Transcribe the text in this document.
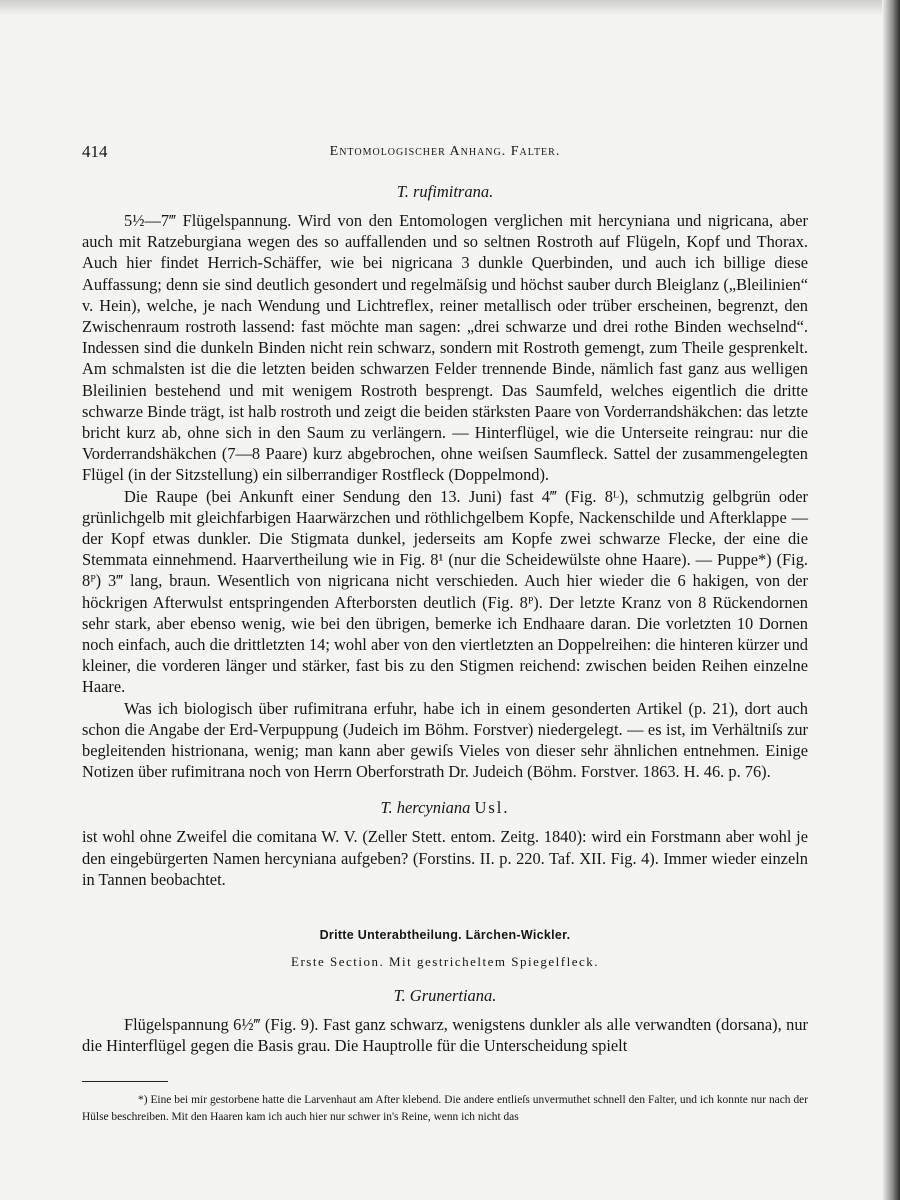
414	Entomologischer Anhang. Falter.
T. rufimitrana.

5½—7‴ Flügelspannung. Wird von den Entomologen verglichen mit hercyniana und nigricana, aber auch mit Ratzeburgiana wegen des so auffallenden und so seltnen Rostroth auf Flügeln, Kopf und Thorax. Auch hier findet Herrich-Schäffer, wie bei nigricana 3 dunkle Querbinden, und auch ich billige diese Auffassung; denn sie sind deutlich gesondert und regelmäſsig und höchst sauber durch Bleiglanz („Bleilinien“ v. Hein), welche, je nach Wendung und Lichtreflex, reiner metallisch oder trüber erscheinen, begrenzt, den Zwischenraum rostroth lassend: fast möchte man sagen: „drei schwarze und drei rothe Binden wechselnd“. Indessen sind die dunkeln Binden nicht rein schwarz, sondern mit Rostroth gemengt, zum Theile gesprenkelt. Am schmalsten ist die die letzten beiden schwarzen Felder trennende Binde, nämlich fast ganz aus welligen Bleilinien bestehend und mit wenigem Rostroth besprengt. Das Saumfeld, welches eigentlich die dritte schwarze Binde trägt, ist halb rostroth und zeigt die beiden stärksten Paare von Vorderrandshäkchen: das letzte bricht kurz ab, ohne sich in den Saum zu verlängern. — Hinterflügel, wie die Unterseite reingrau: nur die Vorderrandshäkchen (7—8 Paare) kurz abgebrochen, ohne weiſsen Saumfleck. Sattel der zusammengelegten Flügel (in der Sitzstellung) ein silberrandiger Rostfleck (Doppelmond).

Die Raupe (bei Ankunft einer Sendung den 13. Juni) fast 4‴ (Fig. 8ᴸ), schmutzig gelbgrün oder grünlichgelb mit gleichfarbigen Haarwärzchen und röthlichgelbem Kopfe, Nackenschilde und Afterklappe — der Kopf etwas dunkler. Die Stigmata dunkel, jederseits am Kopfe zwei schwarze Flecke, der eine die Stemmata einnehmend. Haarvertheilung wie in Fig. 8¹ (nur die Scheidewülste ohne Haare). — Puppe*) (Fig. 8ᴾ) 3‴ lang, braun. Wesentlich von nigricana nicht verschieden. Auch hier wieder die 6 hakigen, von der höckrigen Afterwulst entspringenden Afterborsten deutlich (Fig. 8ᴾ). Der letzte Kranz von 8 Rückendornen sehr stark, aber ebenso wenig, wie bei den übrigen, bemerke ich Endhaare daran. Die vorletzten 10 Dornen noch einfach, auch die drittletzten 14; wohl aber von den viertletzten an Doppelreihen: die hinteren kürzer und kleiner, die vorderen länger und stärker, fast bis zu den Stigmen reichend: zwischen beiden Reihen einzelne Haare.

Was ich biologisch über rufimitrana erfuhr, habe ich in einem gesonderten Artikel (p. 21), dort auch schon die Angabe der Erd-Verpuppung (Judeich im Böhm. Forstver) niedergelegt. — es ist, im Verhältniſs zur begleitenden histrionana, wenig; man kann aber gewiſs Vieles von dieser sehr ähnlichen entnehmen. Einige Notizen über rufimitrana noch von Herrn Oberforstrath Dr. Judeich (Böhm. Forstver. 1863. H. 46. p. 76).

T. hercyniana Usl.

ist wohl ohne Zweifel die comitana W. V. (Zeller Stett. entom. Zeitg. 1840): wird ein Forstmann aber wohl je den eingebürgerten Namen hercyniana aufgeben? (Forstins. II. p. 220. Taf. XII. Fig. 4). Immer wieder einzeln in Tannen beobachtet.

Dritte Unterabtheilung. Lärchen-Wickler.
Erste Section. Mit gestricheltem Spiegelfleck.
T. Grunertiana.

Flügelspannung 6½‴ (Fig. 9). Fast ganz schwarz, wenigstens dunkler als alle verwandten (dorsana), nur die Hinterflügel gegen die Basis grau. Die Hauptrolle für die Unterscheidung spielt

*) Eine bei mir gestorbene hatte die Larvenhaut am After klebend. Die andere entlieſs unvermuthet schnell den Falter, und ich konnte nur nach der Hülse beschreiben. Mit den Haaren kam ich auch hier nur schwer in's Reine, wenn ich nicht das
